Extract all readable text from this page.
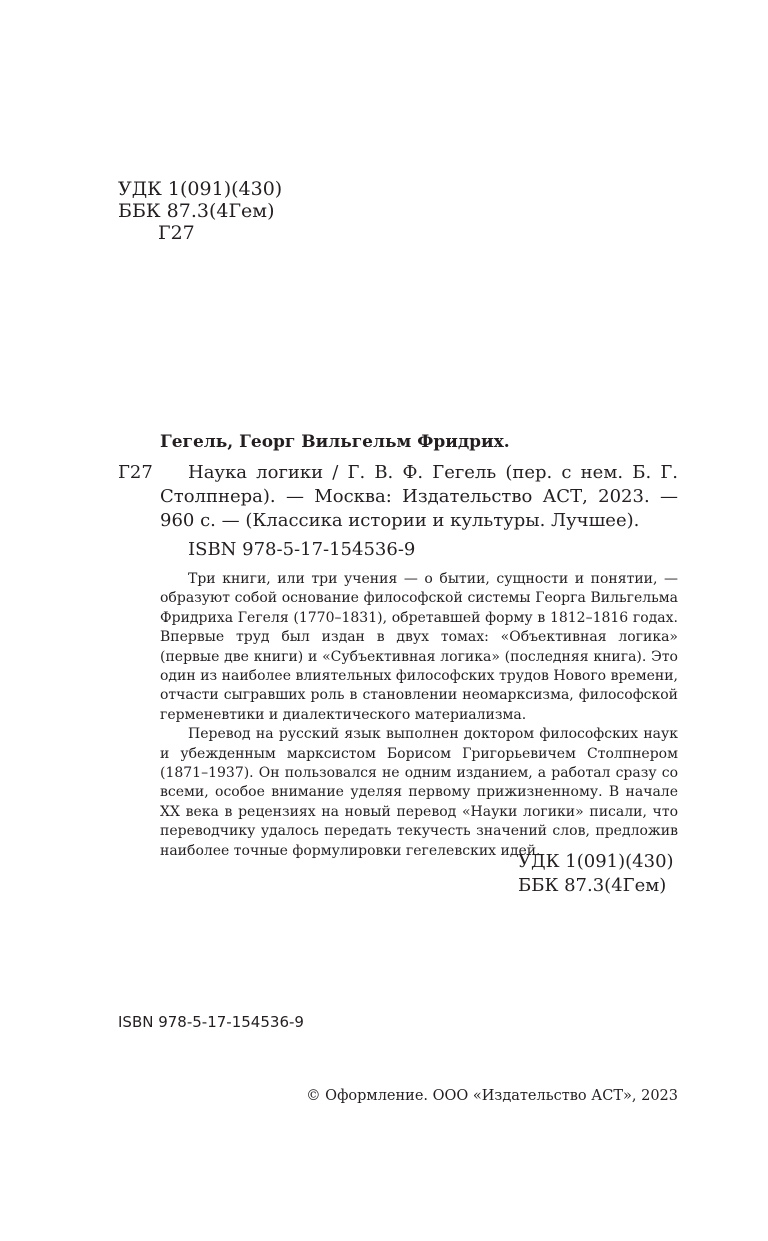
УДК 1(091)(430)
ББК 87.3(4Гем)
Г27
Гегель, Георг Вильгельм Фридрих.
Г27	Наука логики / Г. В. Ф. Гегель (пер. с нем. Б. Г. Столпнера). — Москва: Издательство АСТ, 2023. — 960 с. — (Классика истории и культуры. Лучшее).
ISBN 978-5-17-154536-9

Три книги, или три учения — о бытии, сущности и понятии, — образуют собой основание философской системы Георга Вильгельма Фридриха Гегеля (1770–1831), обретавшей форму в 1812–1816 годах. Впервые труд был издан в двух томах: «Объективная логика» (первые две книги) и «Субъективная логика» (последняя книга). Это один из наиболее влиятельных философских трудов Нового времени, отчасти сыгравших роль в становлении неомарксизма, философской герменевтики и диалектического материализма.

Перевод на русский язык выполнен доктором философских наук и убежденным марксистом Борисом Григорьевичем Столпнером (1871–1937). Он пользовался не одним изданием, а работал сразу со всеми, особое внимание уделяя первому прижизненному. В начале XX века в рецензиях на новый перевод «Науки логики» писали, что переводчику удалось передать текучесть значений слов, предложив наиболее точные формулировки гегелевских идей.

УДК 1(091)(430)
ББК 87.3(4Гем)
ISBN 978-5-17-154536-9
© Оформление. ООО «Издательство АСТ», 2023
